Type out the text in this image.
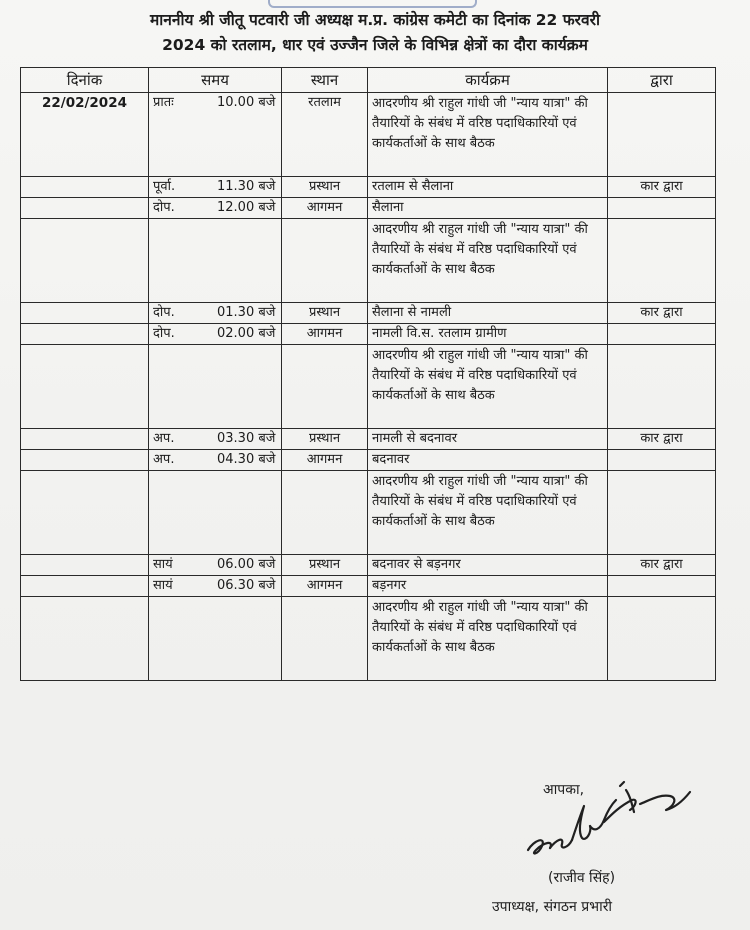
माननीय श्री जीतू पटवारी जी अध्यक्ष म.प्र. कांग्रेस कमेटी का दिनांक 22 फरवरी
2024 को रतलाम, धार एवं उज्जैन जिले के विभिन्न क्षेत्रों का दौरा कार्यक्रम
दिनांक	समय	स्थान	कार्यक्रम	द्वारा
22/02/2024	प्रातः 10.00 बजे	रतलाम	आदरणीय श्री राहुल गांधी जी "न्याय यात्रा" की तैयारियों के संबंध में वरिष्ठ पदाधिकारियों एवं कार्यकर्ताओं के साथ बैठक	
	पूर्वा. 11.30 बजे	प्रस्थान	रतलाम से सैलाना	कार द्वारा
	दोप. 12.00 बजे	आगमन	सैलाना	
			आदरणीय श्री राहुल गांधी जी "न्याय यात्रा" की तैयारियों के संबंध में वरिष्ठ पदाधिकारियों एवं कार्यकर्ताओं के साथ बैठक	
	दोप. 01.30 बजे	प्रस्थान	सैलाना से नामली	कार द्वारा
	दोप. 02.00 बजे	आगमन	नामली वि.स. रतलाम ग्रामीण	
			आदरणीय श्री राहुल गांधी जी "न्याय यात्रा" की तैयारियों के संबंध में वरिष्ठ पदाधिकारियों एवं कार्यकर्ताओं के साथ बैठक	
	अप. 03.30 बजे	प्रस्थान	नामली से बदनावर	कार द्वारा
	अप. 04.30 बजे	आगमन	बदनावर	
			आदरणीय श्री राहुल गांधी जी "न्याय यात्रा" की तैयारियों के संबंध में वरिष्ठ पदाधिकारियों एवं कार्यकर्ताओं के साथ बैठक	
	सायं 06.00 बजे	प्रस्थान	बदनावर से बड़नगर	कार द्वारा
	सायं 06.30 बजे	आगमन	बड़नगर	
			आदरणीय श्री राहुल गांधी जी "न्याय यात्रा" की तैयारियों के संबंध में वरिष्ठ पदाधिकारियों एवं कार्यकर्ताओं के साथ बैठक	
आपका,
(राजीव सिंह)
उपाध्यक्ष, संगठन प्रभारी
